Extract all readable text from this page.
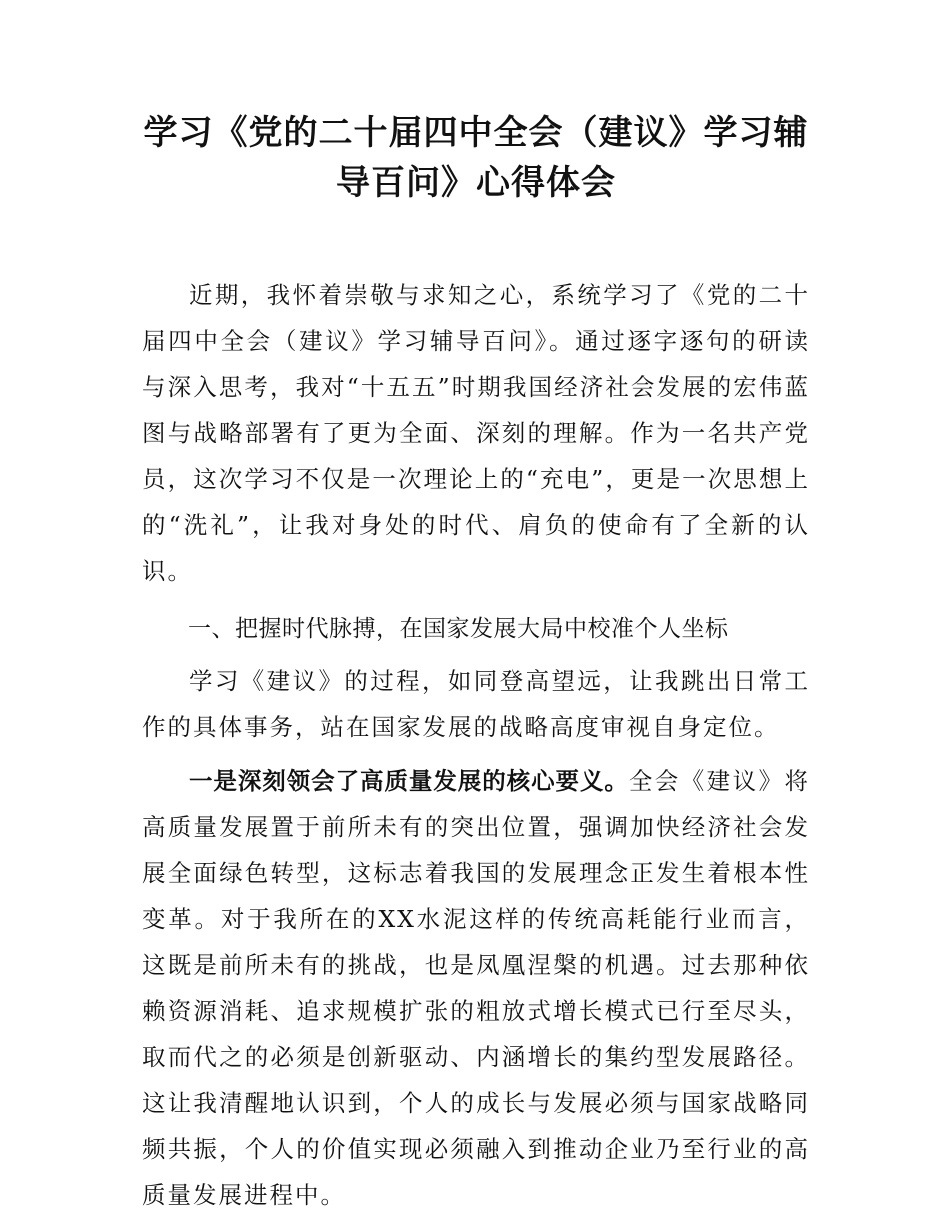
学习《党的二十届四中全会（建议》学习辅导百问》心得体会

近期，我怀着崇敬与求知之心，系统学习了《党的二十届四中全会（建议》学习辅导百问》。通过逐字逐句的研读与深入思考，我对“十五五”时期我国经济社会发展的宏伟蓝图与战略部署有了更为全面、深刻的理解。作为一名共产党员，这次学习不仅是一次理论上的“充电”，更是一次思想上的“洗礼”，让我对身处的时代、肩负的使命有了全新的认识。

一、把握时代脉搏，在国家发展大局中校准个人坐标

学习《建议》的过程，如同登高望远，让我跳出日常工作的具体事务，站在国家发展的战略高度审视自身定位。

一是深刻领会了高质量发展的核心要义。全会《建议》将高质量发展置于前所未有的突出位置，强调加快经济社会发展全面绿色转型，这标志着我国的发展理念正发生着根本性变革。对于我所在的XX水泥这样的传统高耗能行业而言，这既是前所未有的挑战，也是凤凰涅槃的机遇。过去那种依赖资源消耗、追求规模扩张的粗放式增长模式已行至尽头，取而代之的必须是创新驱动、内涵增长的集约型发展路径。这让我清醒地认识到，个人的成长与发展必须与国家战略同频共振，个人的价值实现必须融入到推动企业乃至行业的高质量发展进程中。
